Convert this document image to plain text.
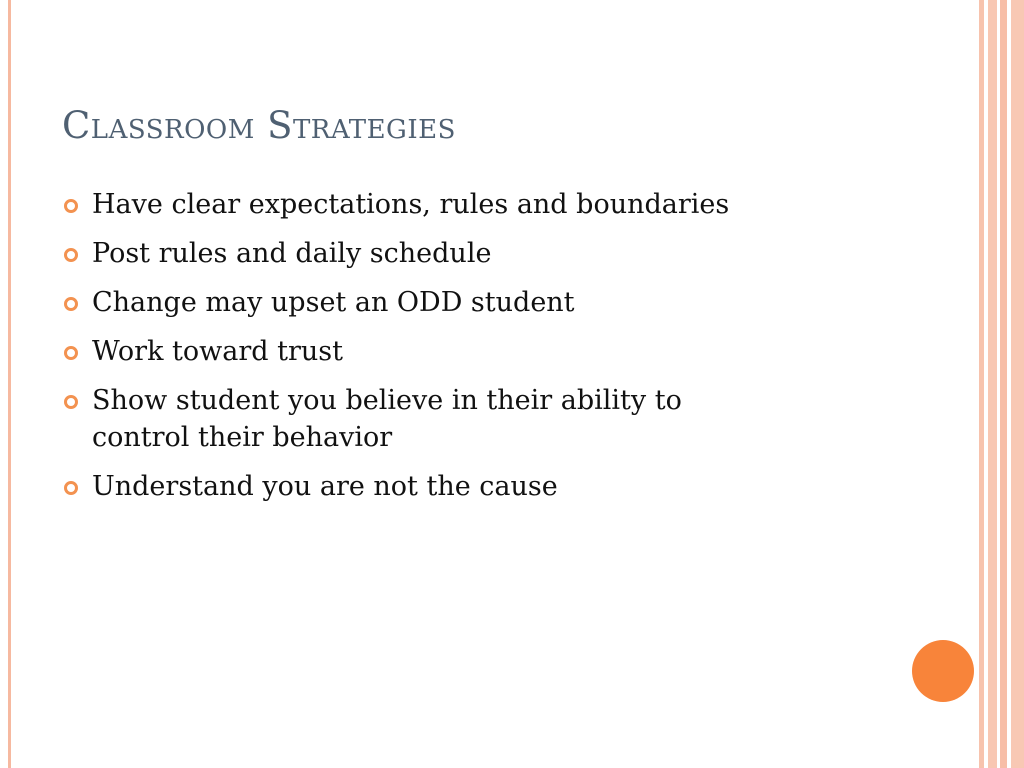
Classroom Strategies
Have clear expectations, rules and boundaries
Post rules and daily schedule
Change may upset an ODD student
Work toward trust
Show student you believe in their ability to control their behavior
Understand you are not the cause
